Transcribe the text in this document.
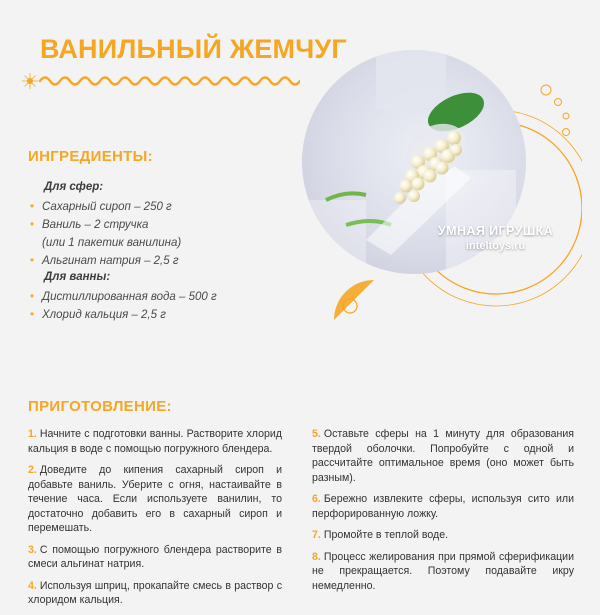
ВАНИЛЬНЫЙ ЖЕМЧУГ
ИНГРЕДИЕНТЫ:
Для сфер:
• Сахарный сироп – 250 г
• Ваниль – 2 стручка
(или 1 пакетик ванилина)
• Альгинат натрия – 2,5 г
Для ванны:
• Дистиллированная вода – 500 г
• Хлорид кальция – 2,5 г
УМНАЯ ИГРУШКА
inteltoys.ru
ПРИГОТОВЛЕНИЕ:
1. Начните с подготовки ванны. Растворите хлорид кальция в воде с помощью погружного блендера.
2. Доведите до кипения сахарный сироп и добавьте ваниль. Уберите с огня, настаивайте в течение часа. Если используете ванилин, то достаточно добавить его в сахарный сироп и перемешать.
3. С помощью погружного блендера растворите в смеси альгинат натрия.
4. Используя шприц, прокапайте смесь в раствор с хлоридом кальция.
5. Оставьте сферы на 1 минуту для образования твердой оболочки. Попробуйте с одной и рассчитайте оптимальное время (оно может быть разным).
6. Бережно извлеките сферы, используя сито или перфорированную ложку.
7. Промойте в теплой воде.
8. Процесс желирования при прямой сферификации не прекращается. Поэтому подавайте икру немедленно.
